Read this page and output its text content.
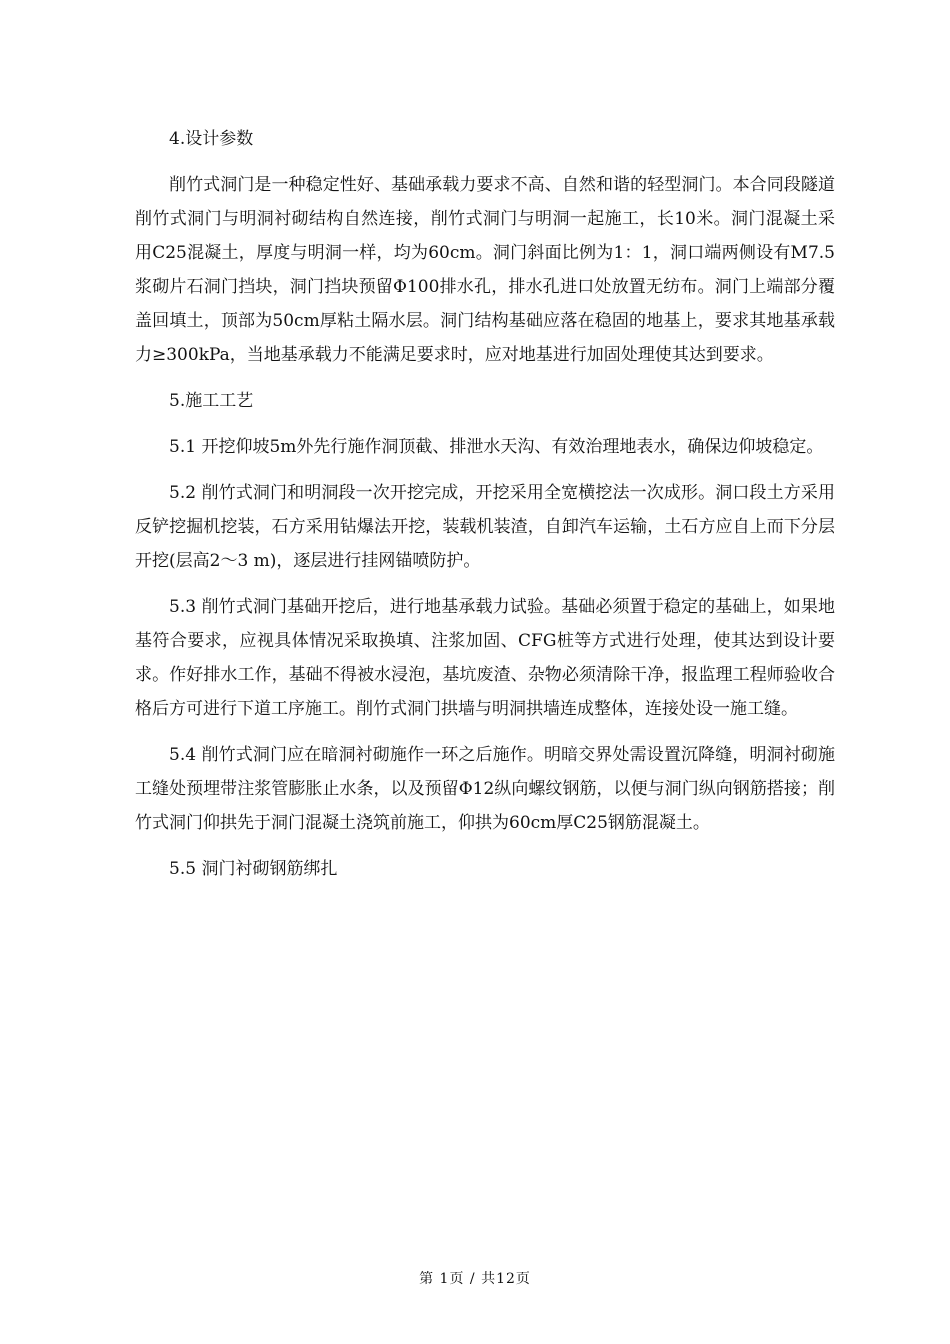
4.设计参数

削竹式洞门是一种稳定性好、基础承载力要求不高、自然和谐的轻型洞门。本合同段隧道削竹式洞门与明洞衬砌结构自然连接，削竹式洞门与明洞一起施工，长10米。洞门混凝土采用C25混凝土，厚度与明洞一样，均为60cm。洞门斜面比例为1：1，洞口端两侧设有M7.5浆砌片石洞门挡块，洞门挡块预留Φ100排水孔，排水孔进口处放置无纺布。洞门上端部分覆盖回填土，顶部为50cm厚粘土隔水层。洞门结构基础应落在稳固的地基上，要求其地基承载力≥300kPa，当地基承载力不能满足要求时，应对地基进行加固处理使其达到要求。

5.施工工艺

5.1 开挖仰坡5m外先行施作洞顶截、排泄水天沟、有效治理地表水，确保边仰坡稳定。

5.2 削竹式洞门和明洞段一次开挖完成，开挖采用全宽横挖法一次成形。洞口段土方采用反铲挖掘机挖装，石方采用钻爆法开挖，装载机装渣，自卸汽车运输，土石方应自上而下分层开挖(层高2～3 m)，逐层进行挂网锚喷防护。

5.3 削竹式洞门基础开挖后，进行地基承载力试验。基础必须置于稳定的基础上，如果地基符合要求，应视具体情况采取换填、注浆加固、CFG桩等方式进行处理，使其达到设计要求。作好排水工作，基础不得被水浸泡，基坑废渣、杂物必须清除干净，报监理工程师验收合格后方可进行下道工序施工。削竹式洞门拱墙与明洞拱墙连成整体，连接处设一施工缝。

5.4 削竹式洞门应在暗洞衬砌施作一环之后施作。明暗交界处需设置沉降缝，明洞衬砌施工缝处预埋带注浆管膨胀止水条，以及预留Φ12纵向螺纹钢筋，以便与洞门纵向钢筋搭接；削竹式洞门仰拱先于洞门混凝土浇筑前施工，仰拱为60cm厚C25钢筋混凝土。

5.5 洞门衬砌钢筋绑扎

第 1页 / 共12页
